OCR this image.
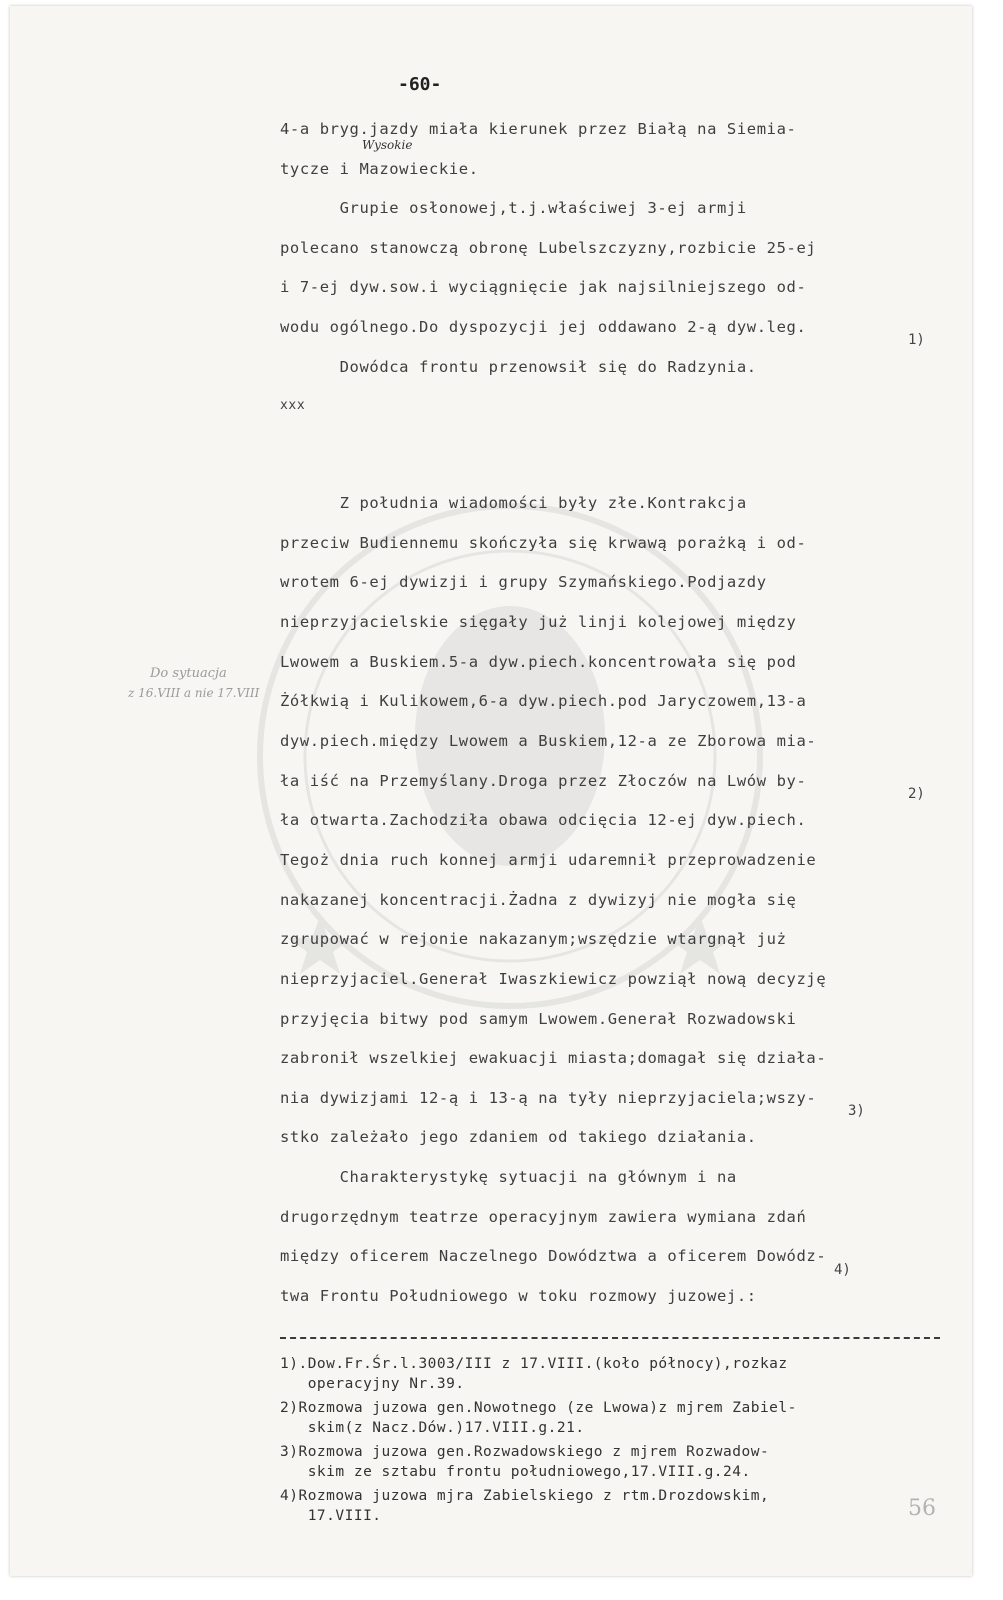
-60-
Wysokie
4-a bryg.jazdy miała kierunek przez Białą na Siemia-
tycze i Mazowieckie.
Grupie osłonowej,t.j.właściwej 3-ej armji
polecano stanowczą obronę Lubelszczyzny,rozbicie 25-ej
i 7-ej dyw.sow.i wyciągnięcie jak najsilniejszego od-
wodu ogólnego.Do dyspozycji jej oddawano 2-ą dyw.leg.
1)
Dowódca frontu przenowsił się do Radzynia.
xxx
Z południa wiadomości były złe.Kontrakcja
przeciw Budiennemu skończyła się krwawą porażką i od-
wrotem 6-ej dywizji i grupy Szymańskiego.Podjazdy
nieprzyjacielskie sięgały już linji kolejowej między
Lwowem a Buskiem.5-a dyw.piech.koncentrowała się pod
Żółkwią i Kulikowem,6-a dyw.piech.pod Jaryczowem,13-a
dyw.piech.między Lwowem a Buskiem,12-a ze Zborowa mia-
ła iść na Przemyślany.Droga przez Złoczów na Lwów by-
2)
ła otwarta.Zachodziła obawa odcięcia 12-ej dyw.piech.
Tegoż dnia ruch konnej armji udaremnił przeprowadzenie
nakazanej koncentracji.Żadna z dywizyj nie mogła się
zgrupować w rejonie nakazanym;wszędzie wtargnął już
nieprzyjaciel.Generał Iwaszkiewicz powziął nową decyzję
przyjęcia bitwy pod samym Lwowem.Generał Rozwadowski
zabronił wszelkiej ewakuacji miasta;domagał się działa-
nia dywizjami 12-ą i 13-ą na tyły nieprzyjaciela;wszy-
3)
stko zależało jego zdaniem od takiego działania.
Charakterystykę sytuacji na głównym i na
drugorzędnym teatrze operacyjnym zawiera wymiana zdań
między oficerem Naczelnego Dowództwa a oficerem Dowódz-
4)
twa Frontu Południowego w toku rozmowy juzowej.:
Do sytuacja
z 16.VIII a nie 17.VIII
1).Dow.Fr.Śr.l.3003/III z 17.VIII.(koło północy),rozkaz
operacyjny Nr.39.
2)Rozmowa juzowa gen.Nowotnego (ze Lwowa)z mjrem Zabiel-
skim(z Nacz.Dów.)17.VIII.g.21.
3)Rozmowa juzowa gen.Rozwadowskiego z mjrem Rozwadow-
skim ze sztabu frontu południowego,17.VIII.g.24.
4)Rozmowa juzowa mjra Zabielskiego z rtm.Drozdowskim,
17.VIII.	56
